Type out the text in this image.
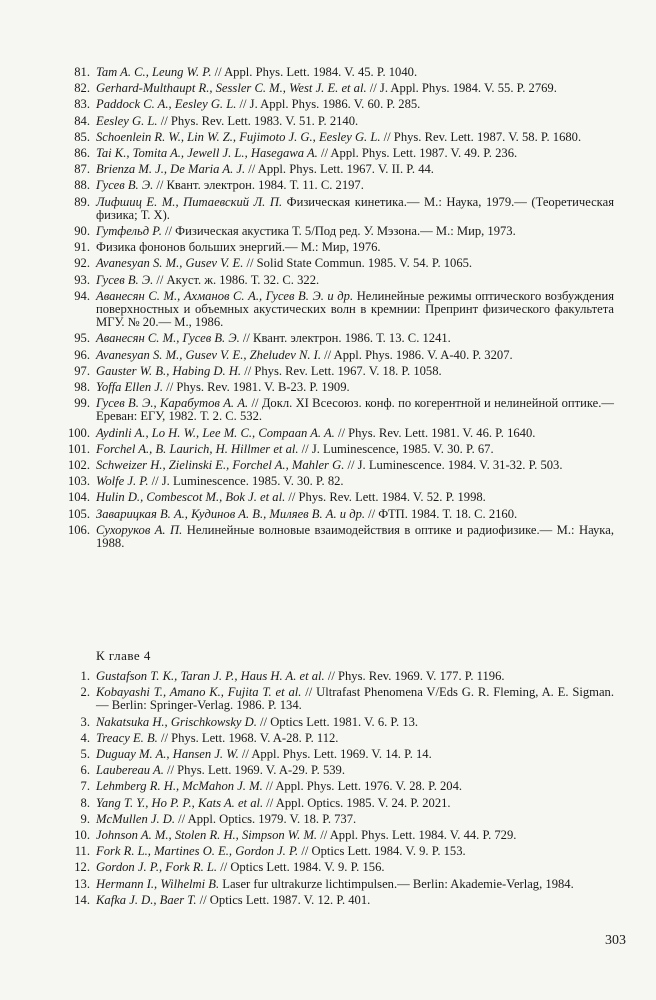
81. Tam A. C., Leung W. P. // Appl. Phys. Lett. 1984. V. 45. P. 1040.
82. Gerhard-Multhaupt R., Sessler C. M., West J. E. et al. // J. Appl. Phys. 1984. V. 55. P. 2769.
83. Paddock C. A., Eesley G. L. // J. Appl. Phys. 1986. V. 60. P. 285.
84. Eesley G. L. // Phys. Rev. Lett. 1983. V. 51. P. 2140.
85. Schoenlein R. W., Lin W. Z., Fujimoto J. G., Eesley G. L. // Phys. Rev. Lett. 1987. V. 58. P. 1680.
86. Tai K., Tomita A., Jewell J. L., Hasegawa A. // Appl. Phys. Lett. 1987. V. 49. P. 236.
87. Brienza M. J., De Maria A. J. // Appl. Phys. Lett. 1967. V. II. P. 44.
88. Гусев В. Э. // Квант. электрон. 1984. Т. 11. С. 2197.
89. Лифшиц Е. М., Питаевский Л. П. Физическая кинетика.— М.: Наука, 1979.— (Теоретическая физика; Т. X).
90. Гутфельд Р. // Физическая акустика Т. 5/Под ред. У. Мэзона.— М.: Мир, 1973.
91. Физика фононов больших энергий.— М.: Мир, 1976.
92. Avanesyan S. M., Gusev V. E. // Solid State Commun. 1985. V. 54. P. 1065.
93. Гусев В. Э. // Акуст. ж. 1986. Т. 32. С. 322.
94. Аванесян С. М., Ахманов С. А., Гусев В. Э. и др. Нелинейные режимы оптического возбуждения поверхностных и объемных акустических волн в кремнии: Препринт физического факультета МГУ. № 20.— М., 1986.
95. Аванесян С. М., Гусев В. Э. // Квант. электрон. 1986. Т. 13. С. 1241.
96. Avanesyan S. M., Gusev V. E., Zheludev N. I. // Appl. Phys. 1986. V. A-40. P. 3207.
97. Gauster W. B., Habing D. H. // Phys. Rev. Lett. 1967. V. 18. P. 1058.
98. Yoffa Ellen J. // Phys. Rev. 1981. V. B-23. P. 1909.
99. Гусев В. Э., Карабутов А. А. // Докл. XI Всесоюз. конф. по когерентной и нелинейной оптике.— Ереван: ЕГУ, 1982. Т. 2. С. 532.
100. Aydinli A., Lo H. W., Lee M. C., Compaan A. A. // Phys. Rev. Lett. 1981. V. 46. P. 1640.
101. Forchel A., B. Laurich, H. Hillmer et al. // J. Luminescence, 1985. V. 30. P. 67.
102. Schweizer H., Zielinski E., Forchel A., Mahler G. // J. Luminescence. 1984. V. 31-32. P. 503.
103. Wolfe J. P. // J. Luminescence. 1985. V. 30. P. 82.
104. Hulin D., Combescot M., Bok J. et al. // Phys. Rev. Lett. 1984. V. 52. P. 1998.
105. Заварицкая В. А., Кудинов А. В., Миляев В. А. и др. // ФТП. 1984. Т. 18. С. 2160.
106. Сухоруков А. П. Нелинейные волновые взаимодействия в оптике и радиофизике.— М.: Наука, 1988.
К главе 4
1. Gustafson T. K., Taran J. P., Haus H. A. et al. // Phys. Rev. 1969. V. 177. P. 1196.
2. Kobayashi T., Amano K., Fujita T. et al. // Ultrafast Phenomena V/Eds G. R. Fleming, A. E. Sigman.— Berlin: Springer-Verlag. 1986. P. 134.
3. Nakatsuka H., Grischkowsky D. // Optics Lett. 1981. V. 6. P. 13.
4. Treacy E. B. // Phys. Lett. 1968. V. A-28. P. 112.
5. Duguay M. A., Hansen J. W. // Appl. Phys. Lett. 1969. V. 14. P. 14.
6. Laubereau A. // Phys. Lett. 1969. V. A-29. P. 539.
7. Lehmberg R. H., McMahon J. M. // Appl. Phys. Lett. 1976. V. 28. P. 204.
8. Yang T. Y., Ho P. P., Kats A. et al. // Appl. Optics. 1985. V. 24. P. 2021.
9. McMullen J. D. // Appl. Optics. 1979. V. 18. P. 737.
10. Johnson A. M., Stolen R. H., Simpson W. M. // Appl. Phys. Lett. 1984. V. 44. P. 729.
11. Fork R. L., Martines O. E., Gordon J. P. // Optics Lett. 1984. V. 9. P. 153.
12. Gordon J. P., Fork R. L. // Optics Lett. 1984. V. 9. P. 156.
13. Hermann I., Wilhelmi B. Laser fur ultrakurze lichtimpulsen.— Berlin: Akademie-Verlag, 1984.
14. Kafka J. D., Baer T. // Optics Lett. 1987. V. 12. P. 401.
303
